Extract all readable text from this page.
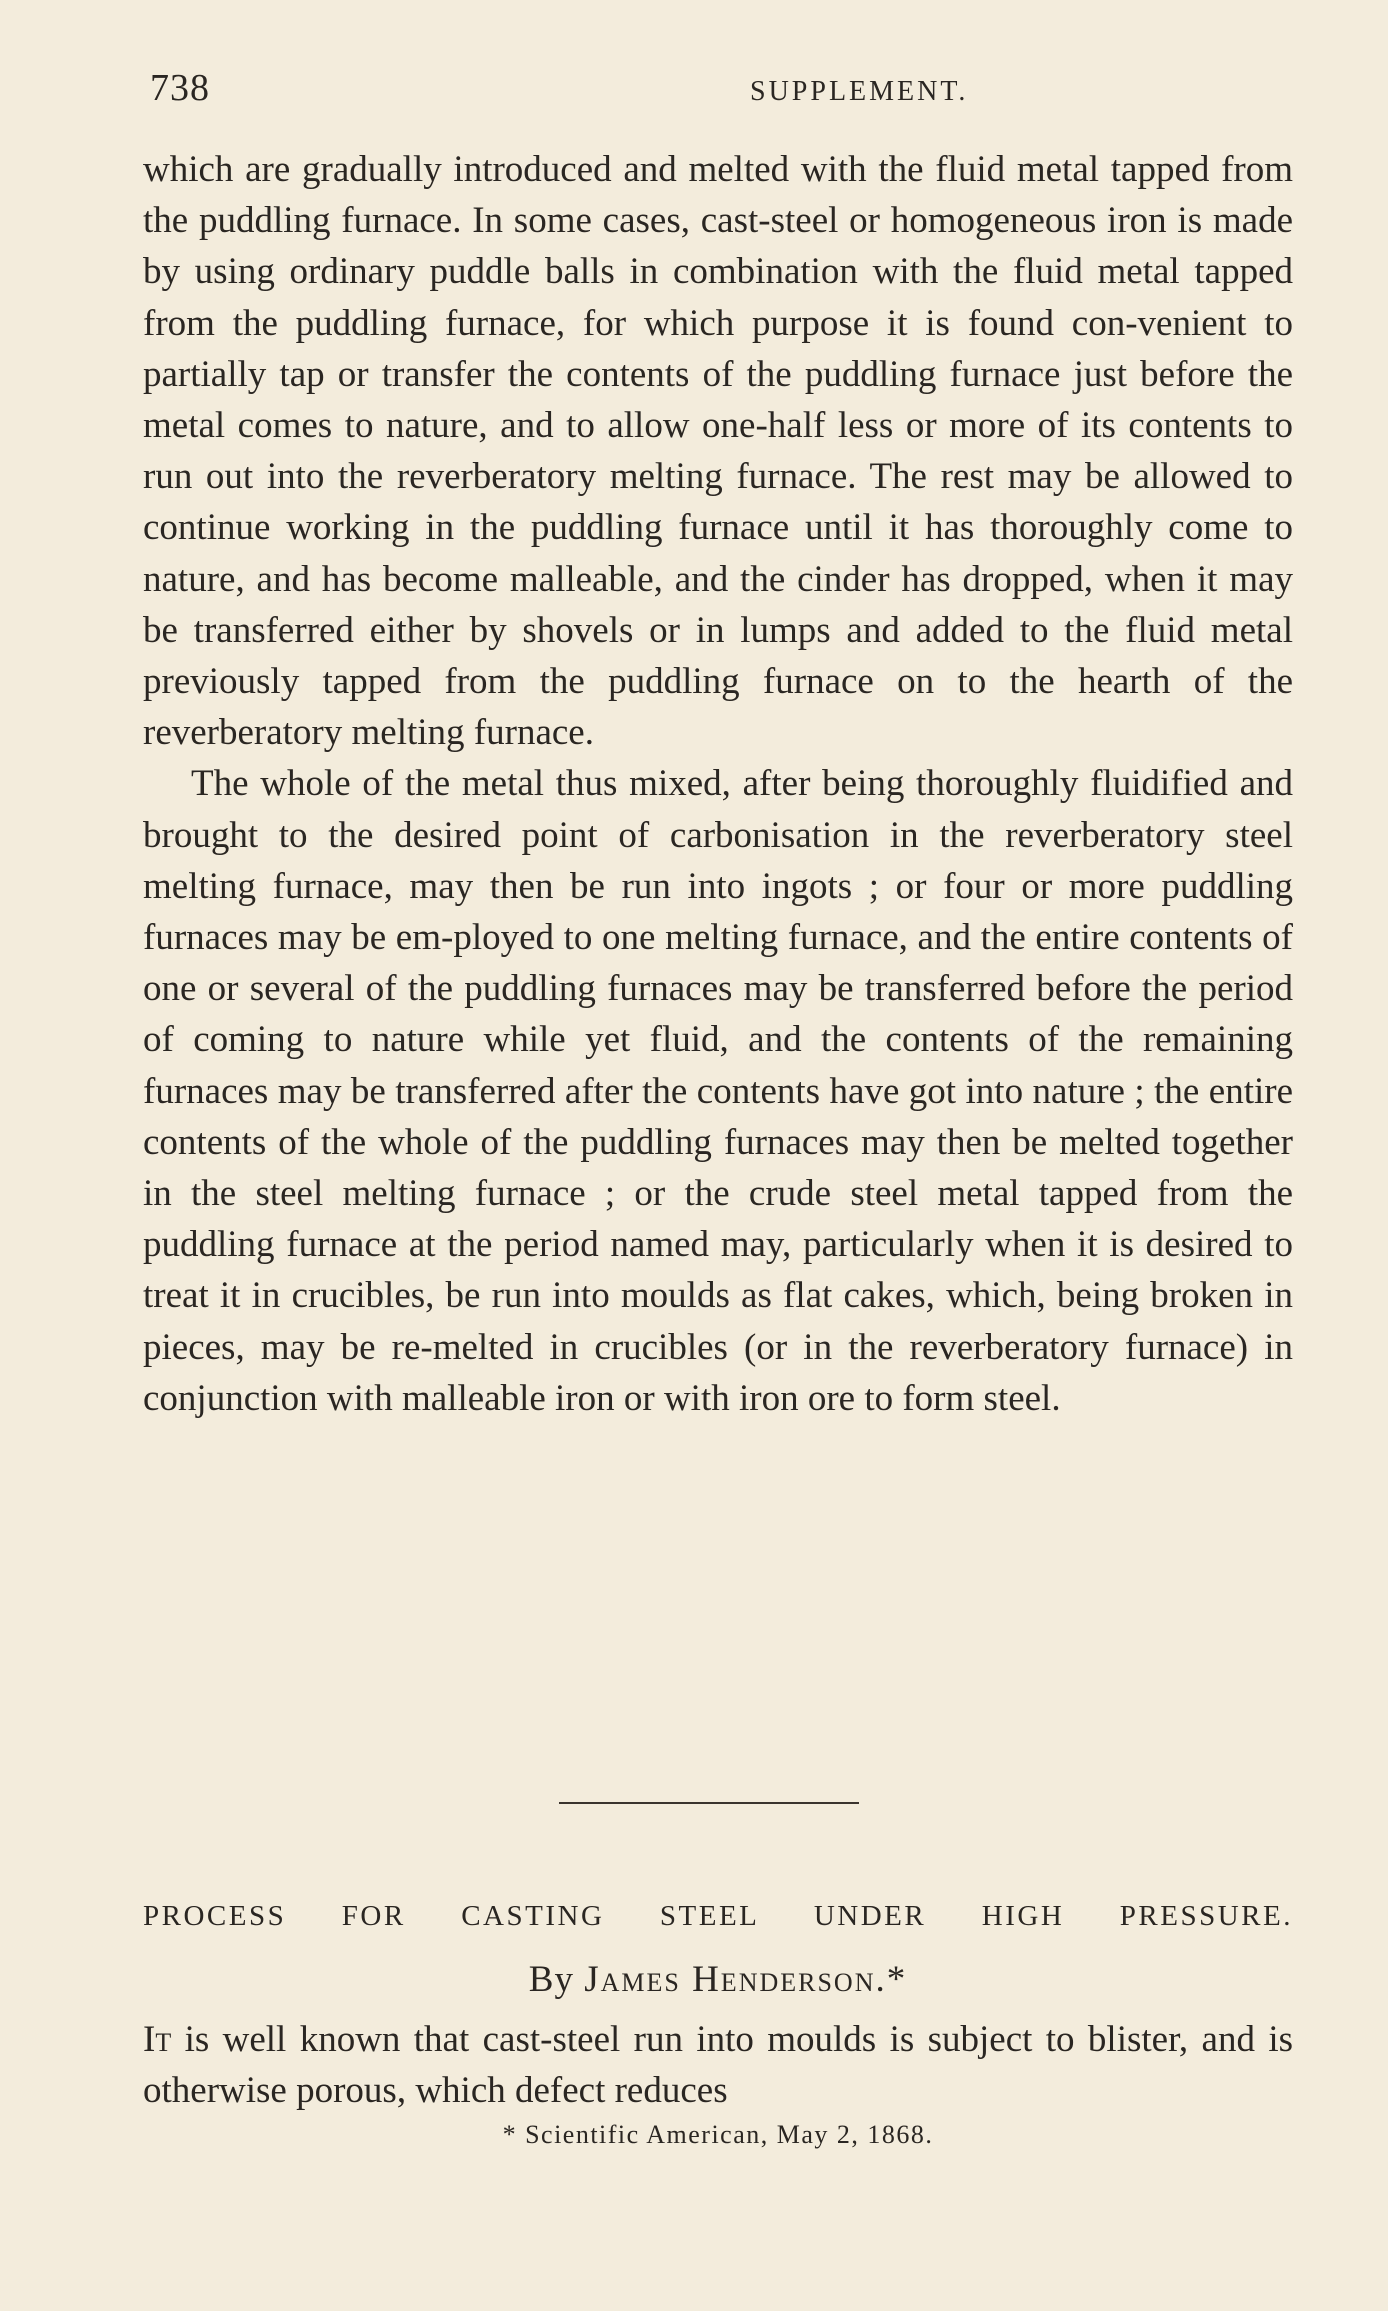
738	SUPPLEMENT.

which are gradually introduced and melted with the fluid metal tapped from the puddling furnace. In some cases, cast-steel or homogeneous iron is made by using ordinary puddle balls in combination with the fluid metal tapped from the puddling furnace, for which purpose it is found con-venient to partially tap or transfer the contents of the puddling furnace just before the metal comes to nature, and to allow one-half less or more of its contents to run out into the reverberatory melting furnace. The rest may be allowed to continue working in the puddling furnace until it has thoroughly come to nature, and has become malleable, and the cinder has dropped, when it may be transferred either by shovels or in lumps and added to the fluid metal previously tapped from the puddling furnace on to the hearth of the reverberatory melting furnace.

The whole of the metal thus mixed, after being thoroughly fluidified and brought to the desired point of carbonisation in the reverberatory steel melting furnace, may then be run into ingots ; or four or more puddling furnaces may be em-ployed to one melting furnace, and the entire contents of one or several of the puddling furnaces may be transferred before the period of coming to nature while yet fluid, and the contents of the remaining furnaces may be transferred after the contents have got into nature ; the entire contents of the whole of the puddling furnaces may then be melted together in the steel melting furnace ; or the crude steel metal tapped from the puddling furnace at the period named may, particularly when it is desired to treat it in crucibles, be run into moulds as flat cakes, which, being broken in pieces, may be re-melted in crucibles (or in the reverberatory furnace) in conjunction with malleable iron or with iron ore to form steel.

PROCESS FOR CASTING STEEL UNDER HIGH PRESSURE.
By James Henderson.*
It is well known that cast-steel run into moulds is subject to blister, and is otherwise porous, which defect reduces
* Scientific American, May 2, 1868.
